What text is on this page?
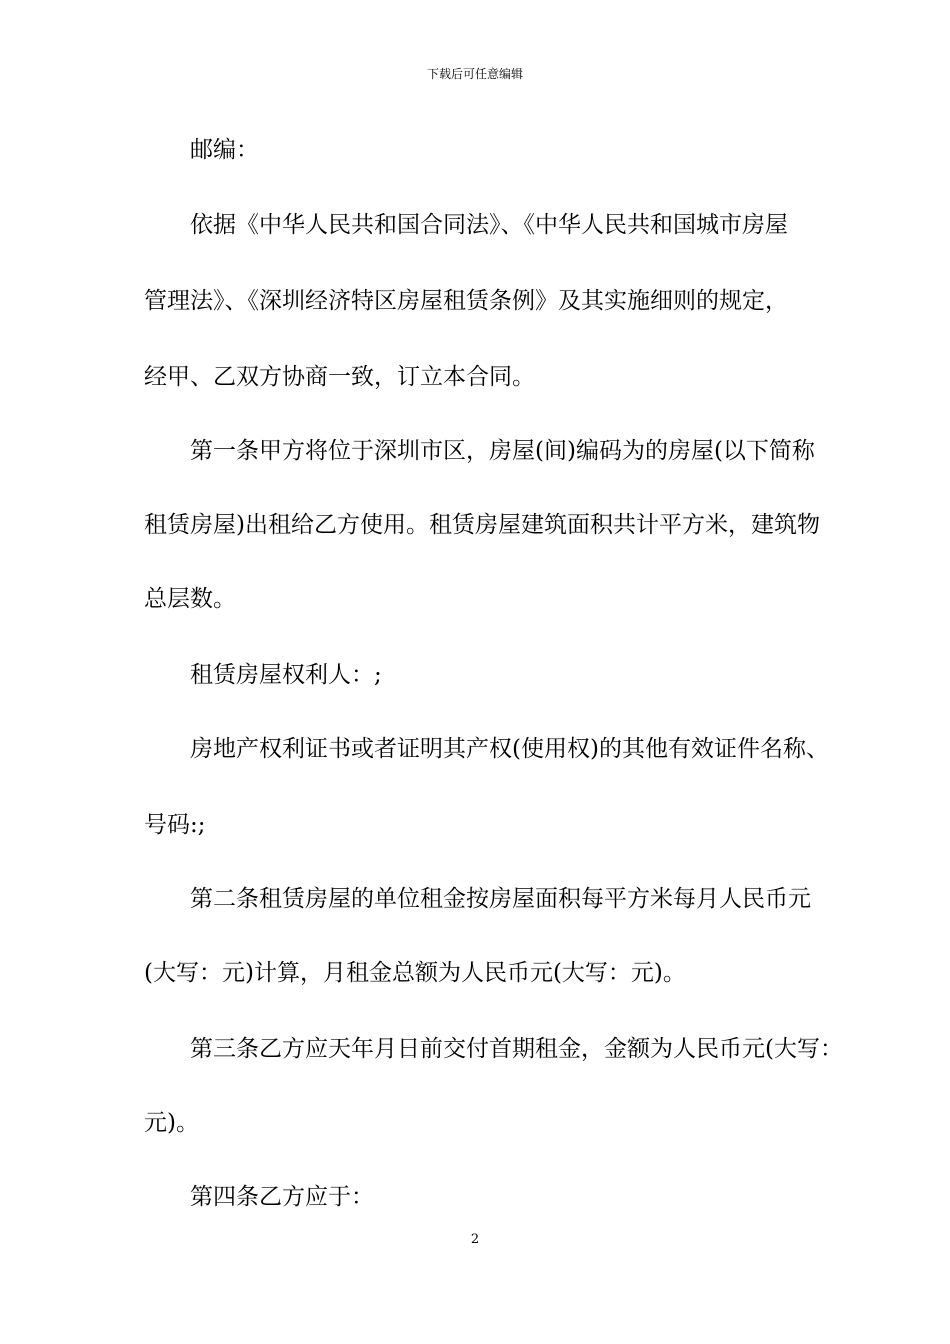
下载后可任意编辑
邮编：
依据《中华人民共和国合同法》、《中华人民共和国城市房屋
管理法》、《深圳经济特区房屋租赁条例》及其实施细则的规定，
经甲、乙双方协商一致，订立本合同。
第一条甲方将位于深圳市区，房屋(间)编码为的房屋(以下简称
租赁房屋)出租给乙方使用。租赁房屋建筑面积共计平方米，建筑物
总层数。
租赁房屋权利人：;
房地产权利证书或者证明其产权(使用权)的其他有效证件名称、
号码:;
第二条租赁房屋的单位租金按房屋面积每平方米每月人民币元
(大写：元)计算，月租金总额为人民币元(大写：元)。
第三条乙方应天年月日前交付首期租金，金额为人民币元(大写：
元)。
第四条乙方应于：
2
